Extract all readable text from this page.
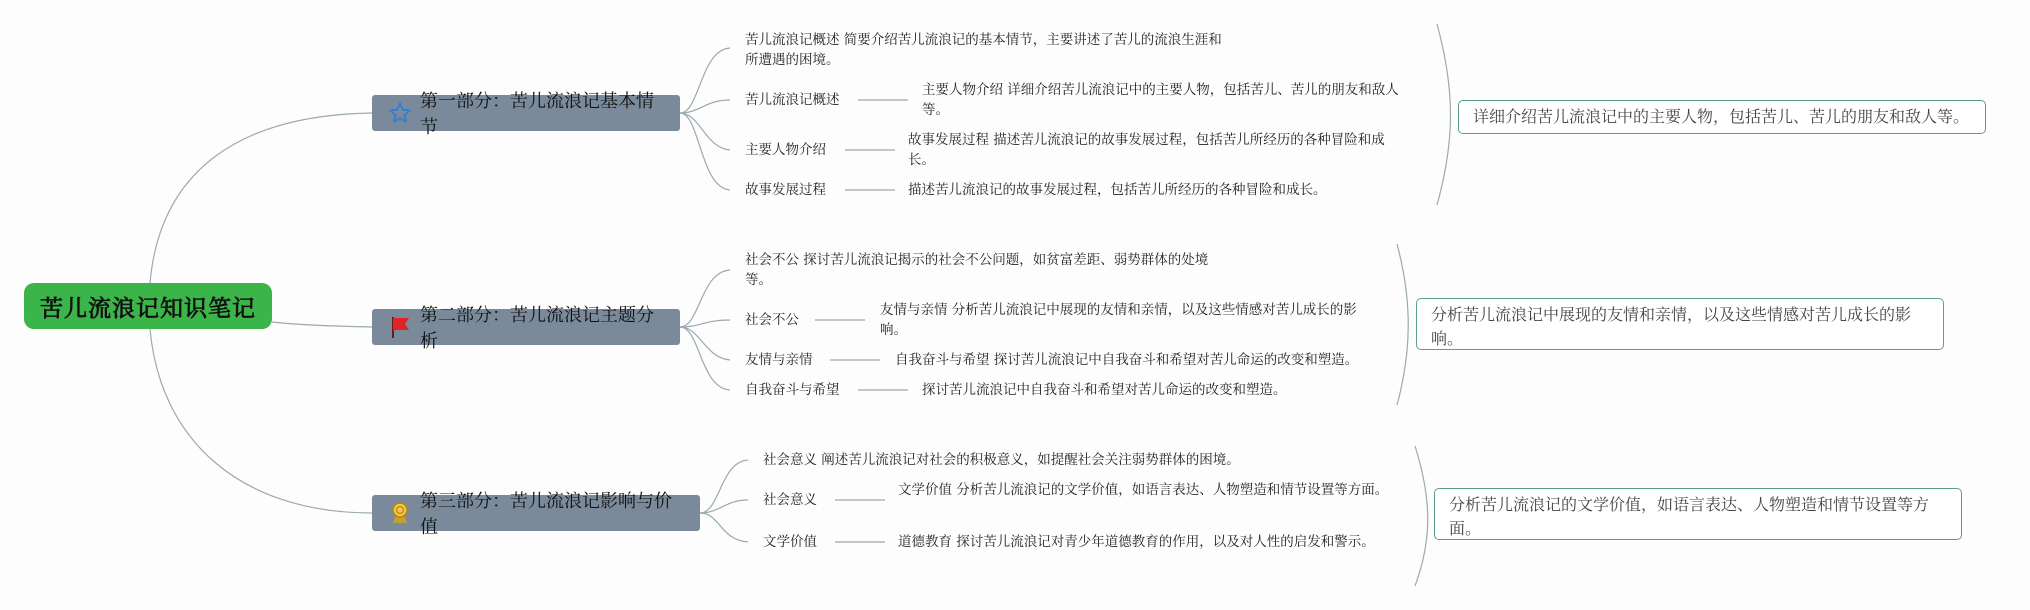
苦儿流浪记知识笔记
第一部分：苦儿流浪记基本情节
苦儿流浪记概述 简要介绍苦儿流浪记的基本情节，主要讲述了苦儿的流浪生涯和所遭遇的困境。
苦儿流浪记概述
主要人物介绍 详细介绍苦儿流浪记中的主要人物，包括苦儿、苦儿的朋友和敌人等。
主要人物介绍
故事发展过程 描述苦儿流浪记的故事发展过程，包括苦儿所经历的各种冒险和成长。
故事发展过程	描述苦儿流浪记的故事发展过程，包括苦儿所经历的各种冒险和成长。
详细介绍苦儿流浪记中的主要人物，包括苦儿、苦儿的朋友和敌人等。
第二部分：苦儿流浪记主题分析
社会不公 探讨苦儿流浪记揭示的社会不公问题，如贫富差距、弱势群体的处境等。
社会不公
友情与亲情 分析苦儿流浪记中展现的友情和亲情，以及这些情感对苦儿成长的影响。
友情与亲情	自我奋斗与希望 探讨苦儿流浪记中自我奋斗和希望对苦儿命运的改变和塑造。
自我奋斗与希望	探讨苦儿流浪记中自我奋斗和希望对苦儿命运的改变和塑造。
分析苦儿流浪记中展现的友情和亲情，以及这些情感对苦儿成长的影响。
第三部分：苦儿流浪记影响与价值
社会意义 阐述苦儿流浪记对社会的积极意义，如提醒社会关注弱势群体的困境。
社会意义
文学价值 分析苦儿流浪记的文学价值，如语言表达、人物塑造和情节设置等方面。
文学价值	道德教育 探讨苦儿流浪记对青少年道德教育的作用，以及对人性的启发和警示。
分析苦儿流浪记的文学价值，如语言表达、人物塑造和情节设置等方面。
